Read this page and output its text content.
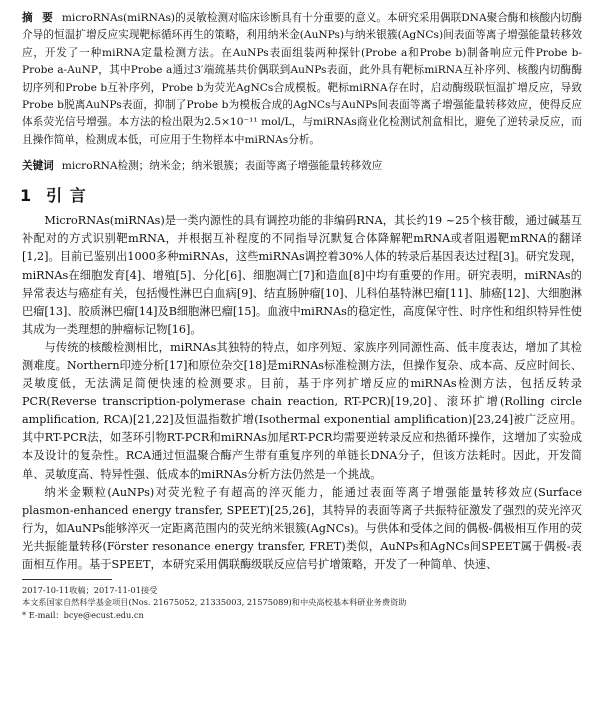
摘 要 microRNAs(miRNAs)的灵敏检测对临床诊断具有十分重要的意义。本研究采用偶联DNA聚合酶和核酸内切酶介导的恒温扩增反应实现靶标循环再生的策略，利用纳米金(AuNPs)与纳米银簇(AgNCs)间表面等离子增强能量转移效应，开发了一种miRNA定量检测方法。在AuNPs表面组装两种探针(Probe a和Probe b)制备响应元件Probe b-Probe a-AuNP，其中Probe a通过3′端巯基共价偶联到AuNPs表面，此外具有靶标miRNA互补序列、核酸内切酶酶切序列和Probe b互补序列，Probe b为荧光AgNCs合成模板。靶标miRNA存在时，启动酶级联恒温扩增反应，导致Probe b脱离AuNPs表面，抑制了Probe b为模板合成的AgNCs与AuNPs间表面等离子增强能量转移效应，使得反应体系荧光信号增强。本方法的检出限为2.5×10⁻¹¹ mol/L，与miRNAs商业化检测试剂盒相比，避免了逆转录反应，而且操作简单，检测成本低，可应用于生物样本中miRNAs分析。
关键词 microRNA检测；纳米金；纳米银簇；表面等离子增强能量转移效应
1 引 言

MicroRNAs(miRNAs)是一类内源性的具有调控功能的非编码RNA，其长约19 ~25个核苷酸，通过碱基互补配对的方式识别靶mRNA，并根据互补程度的不同指导沉默复合体降解靶mRNA或者阻遏靶mRNA的翻译[1,2]。目前已鉴别出1000多种miRNAs，这些miRNAs调控着30%人体的转录后基因表达过程[3]。研究发现，miRNAs在细胞发育[4]、增殖[5]、分化[6]、细胞凋亡[7]和造血[8]中均有重要的作用。研究表明，miRNAs的异常表达与癌症有关，包括慢性淋巴白血病[9]、结直肠肿瘤[10]、儿科伯基特淋巴瘤[11]、肺癌[12]、大细胞淋巴瘤[13]、胶质淋巴瘤[14]及B细胞淋巴瘤[15]。血液中miRNAs的稳定性，高度保守性、时序性和组织特异性使其成为一类理想的肿瘤标记物[16]。

与传统的核酸检测相比，miRNAs其独特的特点，如序列短、家族序列同源性高、低丰度表达，增加了其检测难度。Northern印迹分析[17]和原位杂交[18]是miRNAs标准检测方法，但操作复杂、成本高、反应时间长、灵敏度低，无法满足简便快速的检测要求。目前，基于序列扩增反应的miRNAs检测方法，包括反转录PCR(Reverse transcription-polymerase chain reaction, RT-PCR)[19,20]、滚环扩增(Rolling circle amplification, RCA)[21,22]及恒温指数扩增(Isothermal exponential amplification)[23,24]被广泛应用。其中RT-PCR法，如茎环引物RT-PCR和miRNAs加尾RT-PCR均需要逆转录反应和热循环操作，这增加了实验成本及设计的复杂性。RCA通过恒温聚合酶产生带有重复序列的单链长DNA分子，但该方法耗时。因此，开发简单、灵敏度高、特异性强、低成本的miRNAs分析方法仍然是一个挑战。

纳米金颗粒(AuNPs)对荧光粒子有超高的淬灭能力，能通过表面等离子增强能量转移效应(Surface plasmon-enhanced energy transfer, SPEET)[25,26]，其特异的表面等离子共振特征激发了强烈的荧光淬灭行为，如AuNPs能够淬灭一定距离范围内的荧光纳米银簇(AgNCs)。与供体和受体之间的偶极-偶极相互作用的荧光共振能量转移(Förster resonance energy transfer, FRET)类似，AuNPs和AgNCs间SPEET属于偶极-表面相互作用。基于SPEET，本研究采用偶联酶级联反应信号扩增策略，开发了一种简单、快速、

2017-10-11收稿；2017-11-01接受
本文系国家自然科学基金项目(Nos. 21675052, 21335003, 21575089)和中央高校基本科研业务费资助
* E-mail：bcye@ecust.edu.cn
